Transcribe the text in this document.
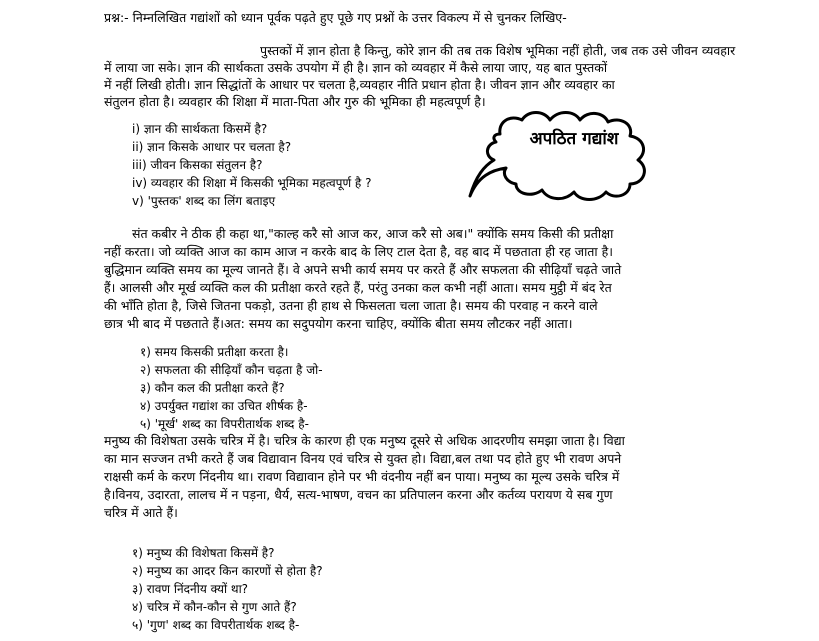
प्रश्न:- निम्नलिखित गद्यांशों को ध्यान पूर्वक पढ़ते हुए पूछे गए प्रश्नों के उत्तर विकल्प में से चुनकर लिखिए-
पुस्तकों में ज्ञान होता है किन्तु, कोरे ज्ञान की तब तक विशेष भूमिका नहीं होती, जब तक उसे जीवन व्यवहार
में लाया जा सके। ज्ञान की सार्थकता उसके उपयोग में ही है। ज्ञान को व्यवहार में कैसे लाया जाए, यह बात पुस्तकों
में नहीं लिखी होती। ज्ञान सिद्धांतों के आधार पर चलता है,व्यवहार नीति प्रधान होता है। जीवन ज्ञान और व्यवहार का
संतुलन होता है। व्यवहार की शिक्षा में माता-पिता और गुरु की भूमिका ही महत्वपूर्ण है।
i) ज्ञान की सार्थकता किसमें है?
ii) ज्ञान किसके आधार पर चलता है?
iii) जीवन किसका संतुलन है?
iv) व्यवहार की शिक्षा में किसकी भूमिका महत्वपूर्ण है ?
v) 'पुस्तक' शब्द का लिंग बताइए
अपठित गद्यांश
संत कबीर ने ठीक ही कहा था,"काल्ह करै सो आज कर, आज करै सो अब।" क्योंकि समय किसी की प्रतीक्षा
नहीं करता। जो व्यक्ति आज का काम आज न करके बाद के लिए टाल देता है, वह बाद में पछताता ही रह जाता है।
बुद्धिमान व्यक्ति समय का मूल्य जानते हैं। वे अपने सभी कार्य समय पर करते हैं और सफलता की सीढ़ियाँ चढ़ते जाते
हैं। आलसी और मूर्ख व्यक्ति कल की प्रतीक्षा करते रहते हैं, परंतु उनका कल कभी नहीं आता। समय मुट्ठी में बंद रेत
की भाँति होता है, जिसे जितना पकड़ो, उतना ही हाथ से फिसलता चला जाता है। समय की परवाह न करने वाले
छात्र भी बाद में पछताते हैं।अत: समय का सदुपयोग करना चाहिए, क्योंकि बीता समय लौटकर नहीं आता।
१) समय किसकी प्रतीक्षा करता है।
२) सफलता की सीढ़ियाँ कौन चढ़ता है जो-
३) कौन कल की प्रतीक्षा करते हैं?
४) उपर्युक्त गद्यांश का उचित शीर्षक है-
५) 'मूर्ख' शब्द का विपरीतार्थक शब्द है-
मनुष्य की विशेषता उसके चरित्र में है। चरित्र के कारण ही एक मनुष्य दूसरे से अधिक आदरणीय समझा जाता है। विद्या
का मान सज्जन तभी करते हैं जब विद्यावान विनय एवं चरित्र से युक्त हो। विद्या,बल तथा पद होते हुए भी रावण अपने
राक्षसी कर्म के करण निंदनीय था। रावण विद्यावान होने पर भी वंदनीय नहीं बन पाया। मनुष्य का मूल्य उसके चरित्र में
है।विनय, उदारता, लालच में न पड़ना, धैर्य, सत्य-भाषण, वचन का प्रतिपालन करना और कर्तव्य परायण ये सब गुण
चरित्र में आते हैं।
१) मनुष्य की विशेषता किसमें है?
२) मनुष्य का आदर किन कारणों से होता है?
३) रावण निंदनीय क्यों था?
४) चरित्र में कौन-कौन से गुण आते हैं?
५) 'गुण' शब्द का विपरीतार्थक शब्द है-
